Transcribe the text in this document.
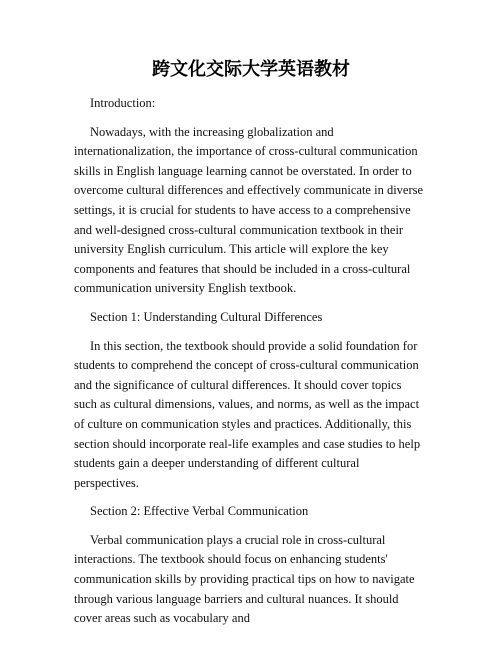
跨文化交际大学英语教材

Introduction:

Nowadays, with the increasing globalization and internationalization, the importance of cross-cultural communication skills in English language learning cannot be overstated. In order to overcome cultural differences and effectively communicate in diverse settings, it is crucial for students to have access to a comprehensive and well-designed cross-cultural communication textbook in their university English curriculum. This article will explore the key components and features that should be included in a cross-cultural communication university English textbook.

Section 1: Understanding Cultural Differences

In this section, the textbook should provide a solid foundation for students to comprehend the concept of cross-cultural communication and the significance of cultural differences. It should cover topics such as cultural dimensions, values, and norms, as well as the impact of culture on communication styles and practices. Additionally, this section should incorporate real-life examples and case studies to help students gain a deeper understanding of different cultural perspectives.

Section 2: Effective Verbal Communication

Verbal communication plays a crucial role in cross-cultural interactions. The textbook should focus on enhancing students' communication skills by providing practical tips on how to navigate through various language barriers and cultural nuances. It should cover areas such as vocabulary and
